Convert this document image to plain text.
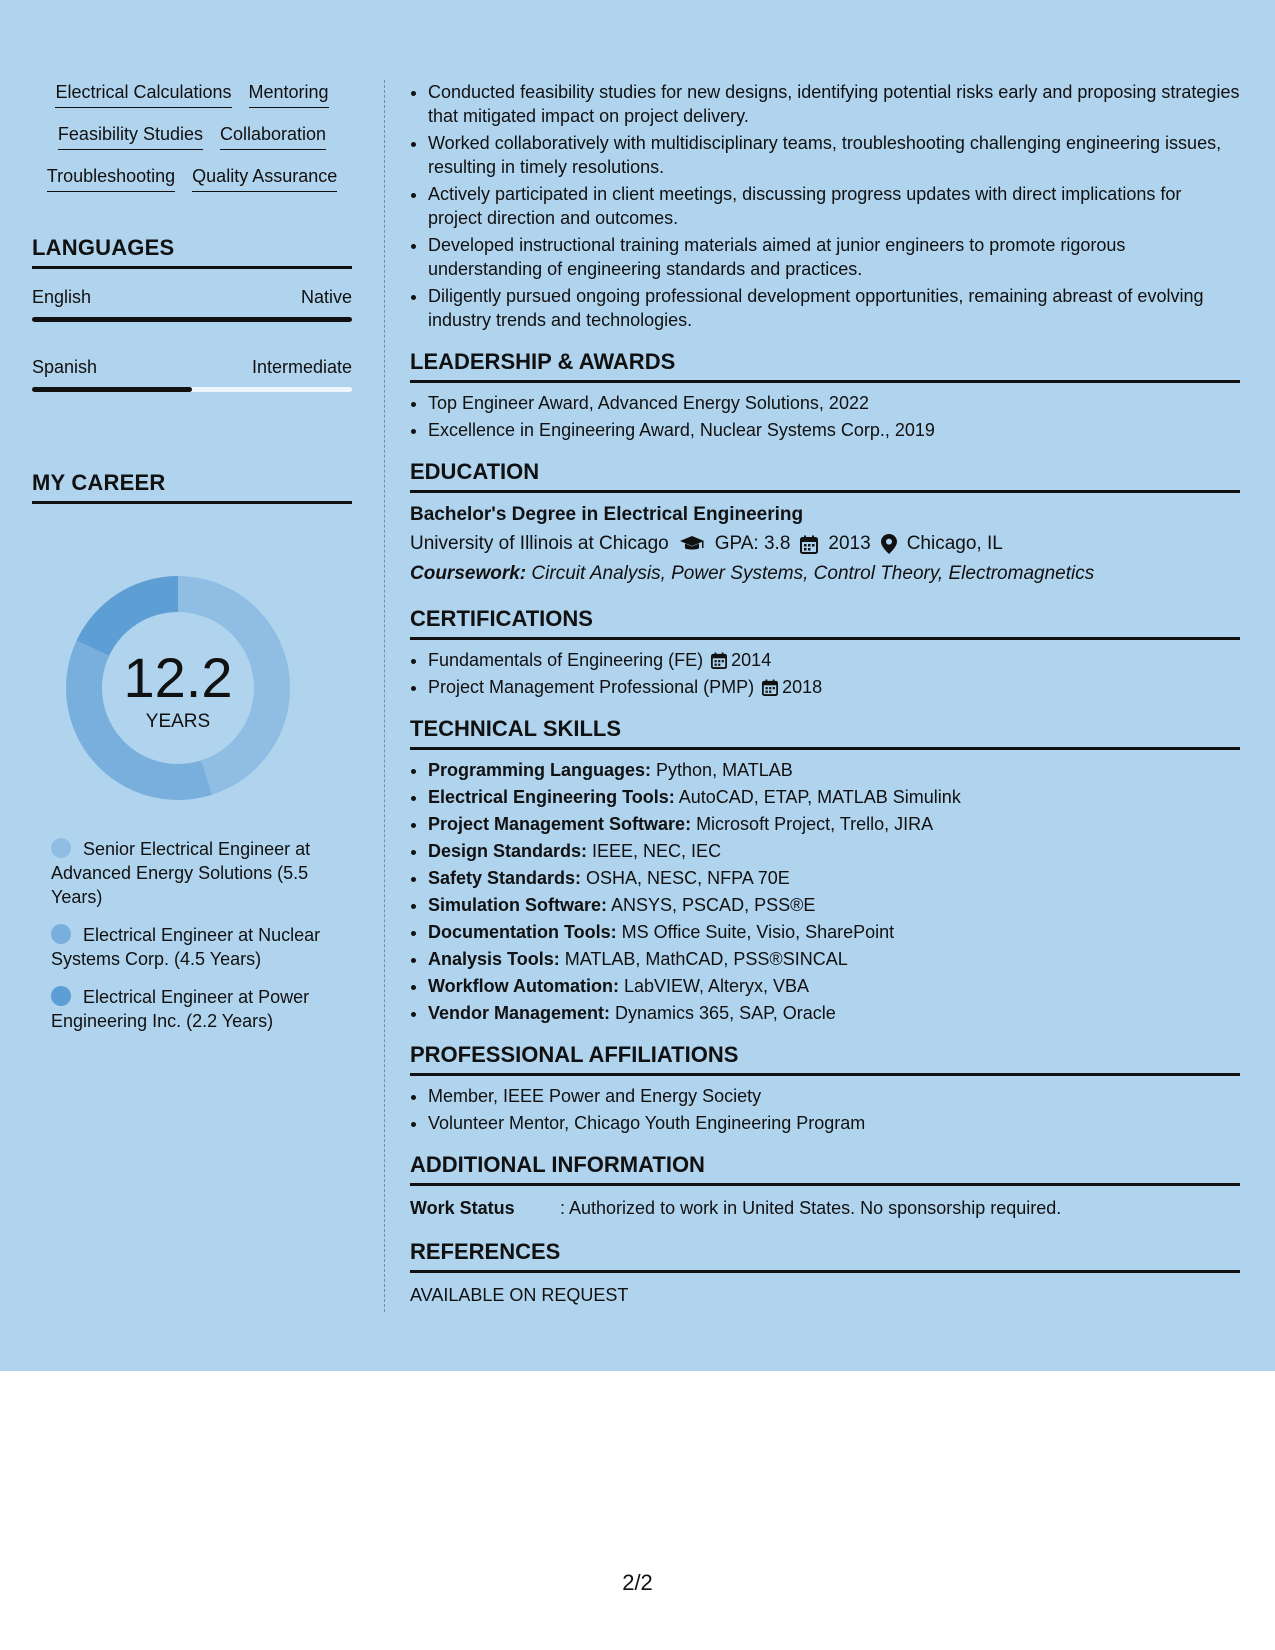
Electrical Calculations Mentoring
Feasibility Studies Collaboration
Troubleshooting Quality Assurance
LANGUAGES
English	Native
Spanish	Intermediate
MY CAREER
12.2
YEARS
Senior Electrical Engineer at Advanced Energy Solutions (5.5 Years)
Electrical Engineer at Nuclear Systems Corp. (4.5 Years)
Electrical Engineer at Power Engineering Inc. (2.2 Years)
• Conducted feasibility studies for new designs, identifying potential risks early and proposing strategies that mitigated impact on project delivery.
• Worked collaboratively with multidisciplinary teams, troubleshooting challenging engineering issues, resulting in timely resolutions.
• Actively participated in client meetings, discussing progress updates with direct implications for project direction and outcomes.
• Developed instructional training materials aimed at junior engineers to promote rigorous understanding of engineering standards and practices.
• Diligently pursued ongoing professional development opportunities, remaining abreast of evolving industry trends and technologies.
LEADERSHIP & AWARDS
• Top Engineer Award, Advanced Energy Solutions, 2022
• Excellence in Engineering Award, Nuclear Systems Corp., 2019
EDUCATION
Bachelor's Degree in Electrical Engineering
University of Illinois at Chicago GPA: 3.8 2013 Chicago, IL
Coursework: Circuit Analysis, Power Systems, Control Theory, Electromagnetics
CERTIFICATIONS
• Fundamentals of Engineering (FE) 2014
• Project Management Professional (PMP) 2018
TECHNICAL SKILLS
• Programming Languages: Python, MATLAB
• Electrical Engineering Tools: AutoCAD, ETAP, MATLAB Simulink
• Project Management Software: Microsoft Project, Trello, JIRA
• Design Standards: IEEE, NEC, IEC
• Safety Standards: OSHA, NESC, NFPA 70E
• Simulation Software: ANSYS, PSCAD, PSS®E
• Documentation Tools: MS Office Suite, Visio, SharePoint
• Analysis Tools: MATLAB, MathCAD, PSS®SINCAL
• Workflow Automation: LabVIEW, Alteryx, VBA
• Vendor Management: Dynamics 365, SAP, Oracle
PROFESSIONAL AFFILIATIONS
• Member, IEEE Power and Energy Society
• Volunteer Mentor, Chicago Youth Engineering Program
ADDITIONAL INFORMATION
Work Status	: Authorized to work in United States. No sponsorship required.
REFERENCES
AVAILABLE ON REQUEST
2/2
